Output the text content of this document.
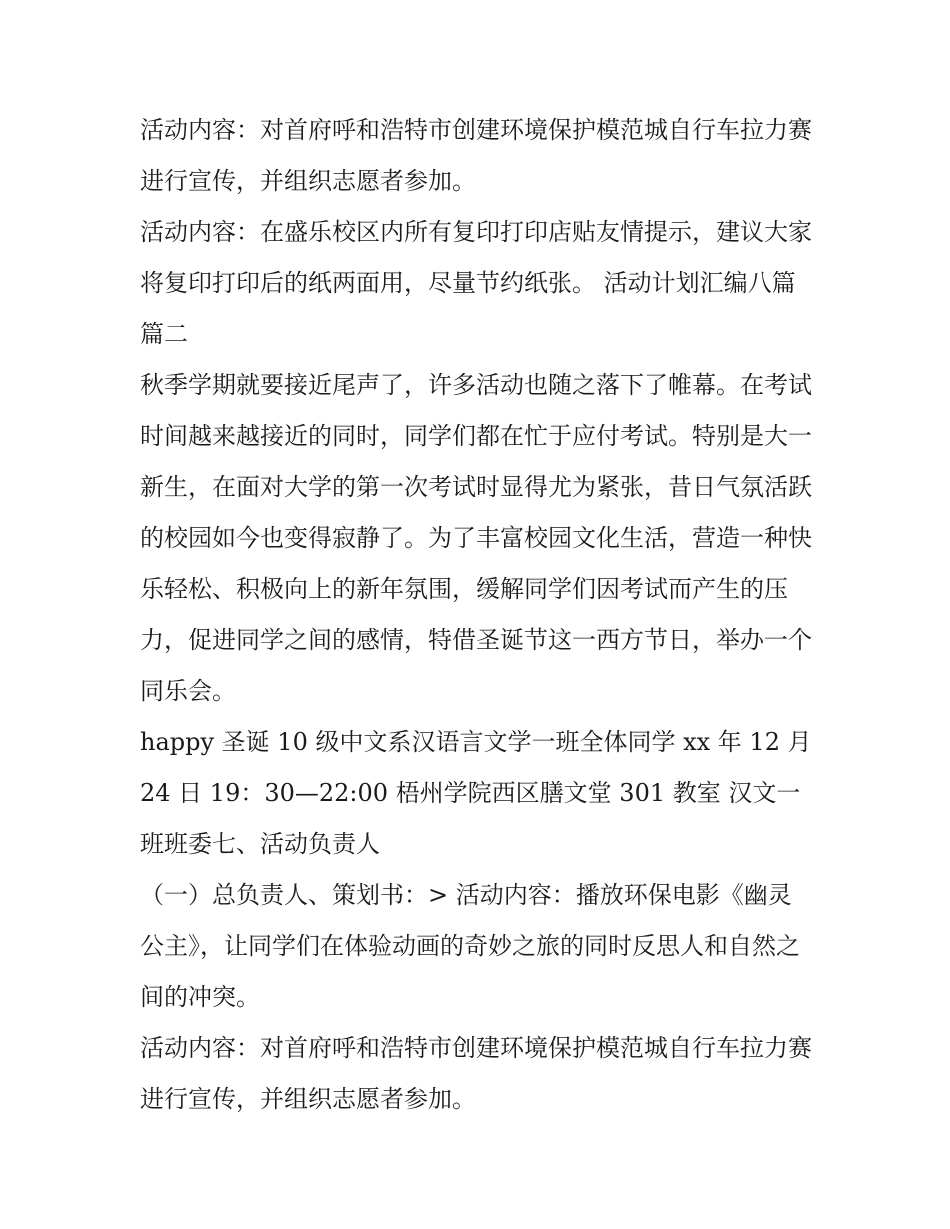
活动内容：对首府呼和浩特市创建环境保护模范城自行车拉力赛进行宣传，并组织志愿者参加。

活动内容：在盛乐校区内所有复印打印店贴友情提示，建议大家将复印打印后的纸两面用，尽量节约纸张。 活动计划汇编八篇篇二

秋季学期就要接近尾声了，许多活动也随之落下了帷幕。在考试时间越来越接近的同时，同学们都在忙于应付考试。特别是大一新生，在面对大学的第一次考试时显得尤为紧张，昔日气氛活跃的校园如今也变得寂静了。为了丰富校园文化生活，营造一种快乐轻松、积极向上的新年氛围，缓解同学们因考试而产生的压力，促进同学之间的感情，特借圣诞节这一西方节日，举办一个同乐会。

happy 圣诞 10 级中文系汉语言文学一班全体同学 xx 年 12 月 24 日 19：30—22:00 梧州学院西区膳文堂 301 教室 汉文一班班委七、活动负责人

（一）总负责人、策划书：> 活动内容：播放环保电影《幽灵公主》，让同学们在体验动画的奇妙之旅的同时反思人和自然之间的冲突。

活动内容：对首府呼和浩特市创建环境保护模范城自行车拉力赛进行宣传，并组织志愿者参加。
